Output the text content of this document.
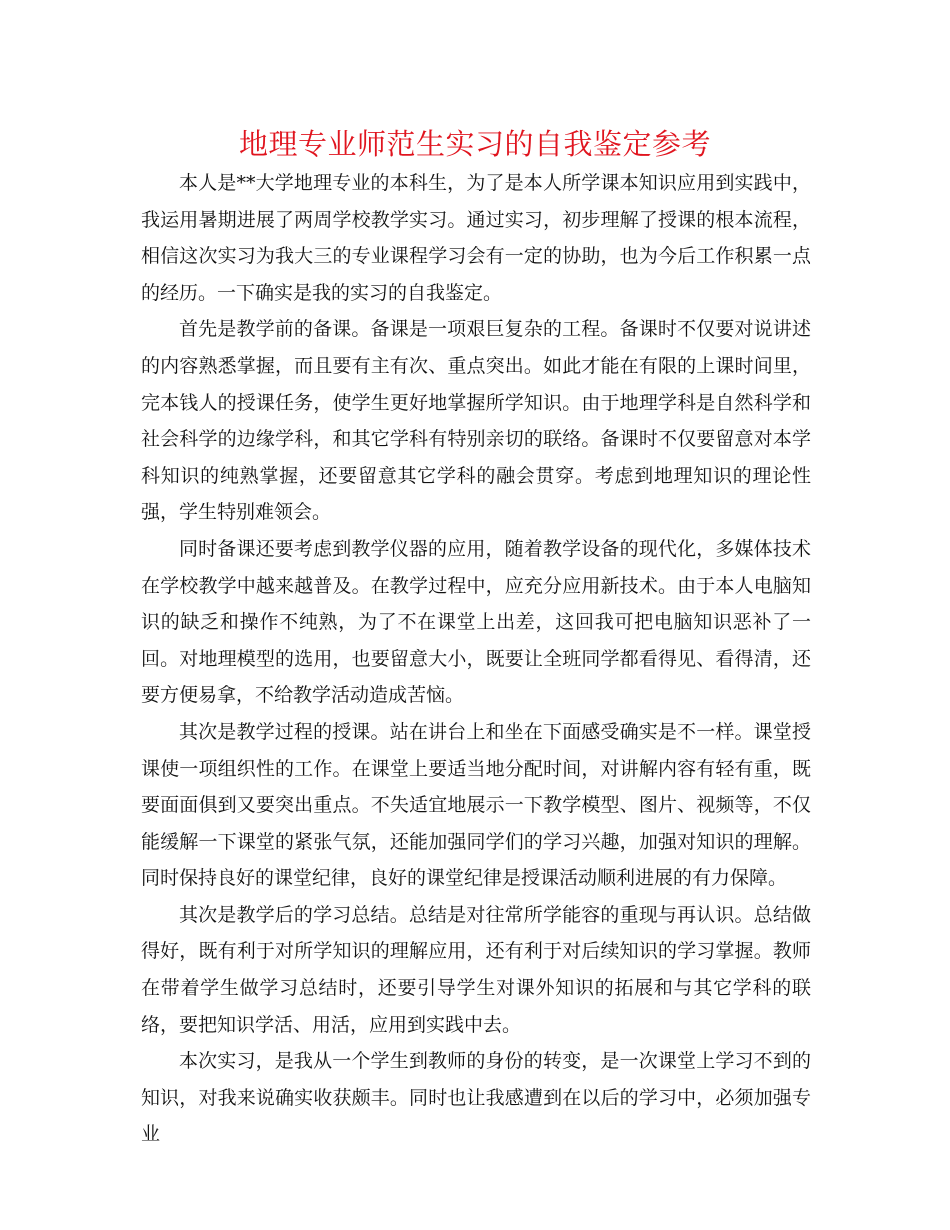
地理专业师范生实习的自我鉴定参考

本人是**大学地理专业的本科生，为了是本人所学课本知识应用到实践中，我运用暑期进展了两周学校教学实习。通过实习，初步理解了授课的根本流程，相信这次实习为我大三的专业课程学习会有一定的协助，也为今后工作积累一点的经历。一下确实是我的实习的自我鉴定。

首先是教学前的备课。备课是一项艰巨复杂的工程。备课时不仅要对说讲述的内容熟悉掌握，而且要有主有次、重点突出。如此才能在有限的上课时间里，完本钱人的授课任务，使学生更好地掌握所学知识。由于地理学科是自然科学和社会科学的边缘学科，和其它学科有特别亲切的联络。备课时不仅要留意对本学科知识的纯熟掌握，还要留意其它学科的融会贯穿。考虑到地理知识的理论性强，学生特别难领会。

同时备课还要考虑到教学仪器的应用，随着教学设备的现代化，多媒体技术在学校教学中越来越普及。在教学过程中，应充分应用新技术。由于本人电脑知识的缺乏和操作不纯熟，为了不在课堂上出差，这回我可把电脑知识恶补了一回。对地理模型的选用，也要留意大小，既要让全班同学都看得见、看得清，还要方便易拿，不给教学活动造成苦恼。

其次是教学过程的授课。站在讲台上和坐在下面感受确实是不一样。课堂授课使一项组织性的工作。在课堂上要适当地分配时间，对讲解内容有轻有重，既要面面俱到又要突出重点。不失适宜地展示一下教学模型、图片、视频等，不仅能缓解一下课堂的紧张气氛，还能加强同学们的学习兴趣，加强对知识的理解。同时保持良好的课堂纪律，良好的课堂纪律是授课活动顺利进展的有力保障。

其次是教学后的学习总结。总结是对往常所学能容的重现与再认识。总结做得好，既有利于对所学知识的理解应用，还有利于对后续知识的学习掌握。教师在带着学生做学习总结时，还要引导学生对课外知识的拓展和与其它学科的联络，要把知识学活、用活，应用到实践中去。

本次实习，是我从一个学生到教师的身份的转变，是一次课堂上学习不到的知识，对我来说确实收获颇丰。同时也让我感遭到在以后的学习中，必须加强专业
